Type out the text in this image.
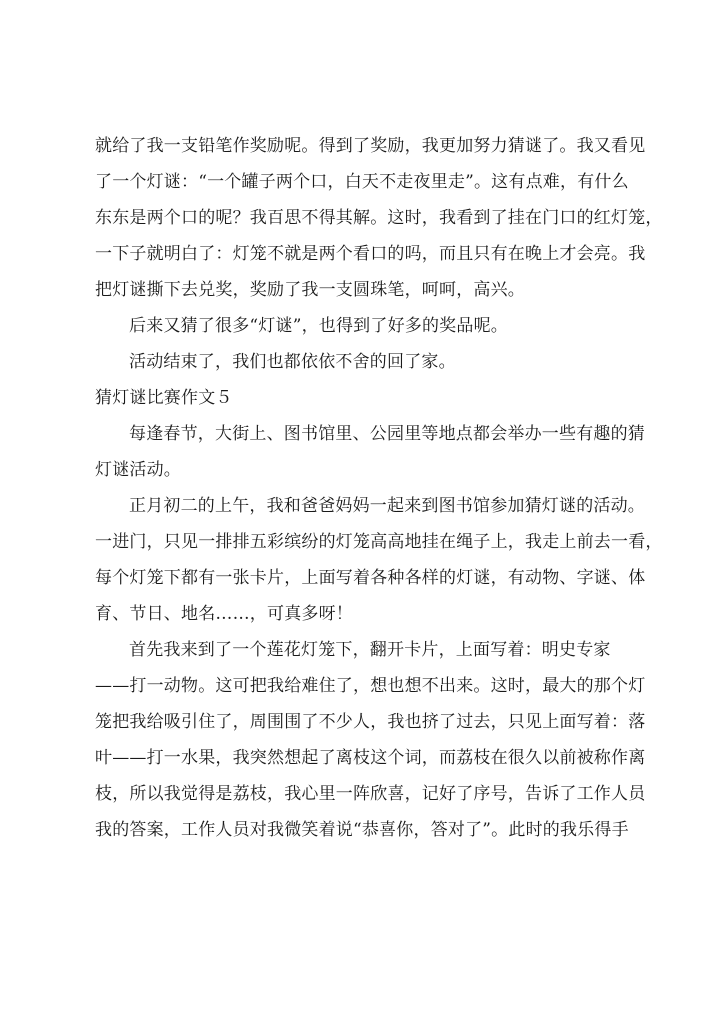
就给了我一支铅笔作奖励呢。得到了奖励，我更加努力猜谜了。我又看见
了一个灯谜：“一个罐子两个口，白天不走夜里走”。这有点难，有什么
东东是两个口的呢？我百思不得其解。这时，我看到了挂在门口的红灯笼，
一下子就明白了：灯笼不就是两个看口的吗，而且只有在晚上才会亮。我
把灯谜撕下去兑奖，奖励了我一支圆珠笔，呵呵，高兴。
后来又猜了很多“灯谜”，也得到了好多的奖品呢。
活动结束了，我们也都依依不舍的回了家。
猜灯谜比赛作文５
每逢春节，大街上、图书馆里、公园里等地点都会举办一些有趣的猜
灯谜活动。
正月初二的上午，我和爸爸妈妈一起来到图书馆参加猜灯谜的活动。
一进门，只见一排排五彩缤纷的灯笼高高地挂在绳子上，我走上前去一看，
每个灯笼下都有一张卡片，上面写着各种各样的灯谜，有动物、字谜、体
育、节日、地名……，可真多呀！
首先我来到了一个莲花灯笼下，翻开卡片，上面写着：明史专家
——打一动物。这可把我给难住了，想也想不出来。这时，最大的那个灯
笼把我给吸引住了，周围围了不少人，我也挤了过去，只见上面写着：落
叶——打一水果，我突然想起了离枝这个词，而荔枝在很久以前被称作离
枝，所以我觉得是荔枝，我心里一阵欣喜，记好了序号，告诉了工作人员
我的答案，工作人员对我微笑着说“恭喜你，答对了”。此时的我乐得手
